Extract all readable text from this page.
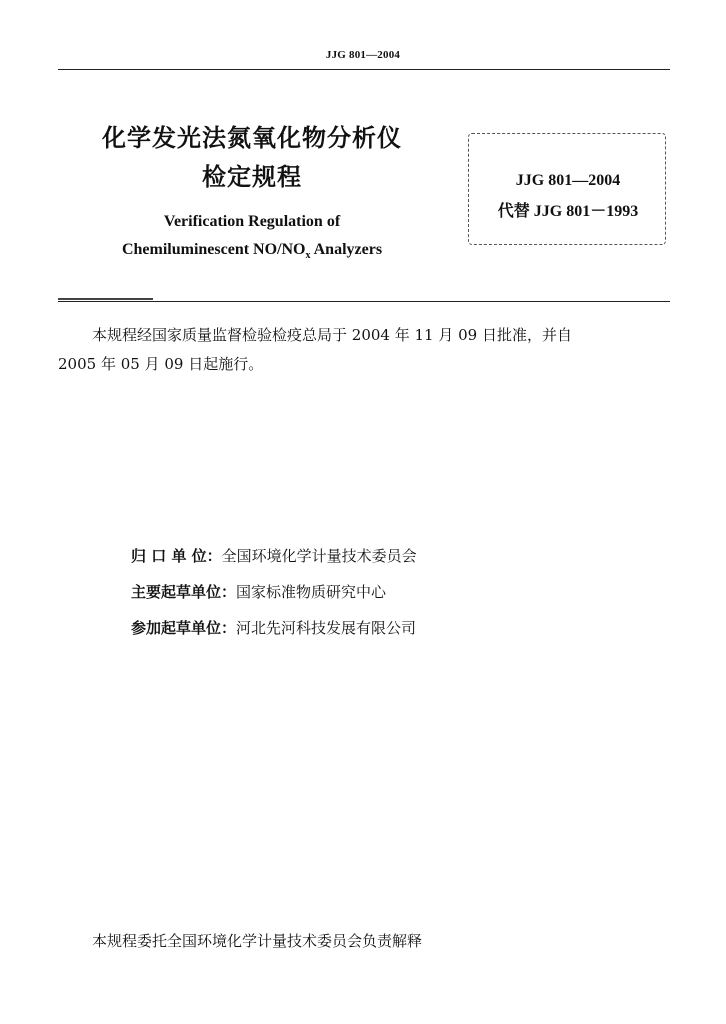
JJG 801—2004
化学发光法氮氧化物分析仪
检定规程
Verification Regulation of
Chemiluminescent $NO/NO_x$ Analyzers
JJG 801—2004
代替 JJG 801－1993
本规程经国家质量监督检验检疫总局于 2004 年 11 月 09 日批准，并自
2005 年 05 月 09 日起施行。
归 口 单 位：全国环境化学计量技术委员会
主要起草单位：国家标准物质研究中心
参加起草单位：河北先河科技发展有限公司
本规程委托全国环境化学计量技术委员会负责解释
